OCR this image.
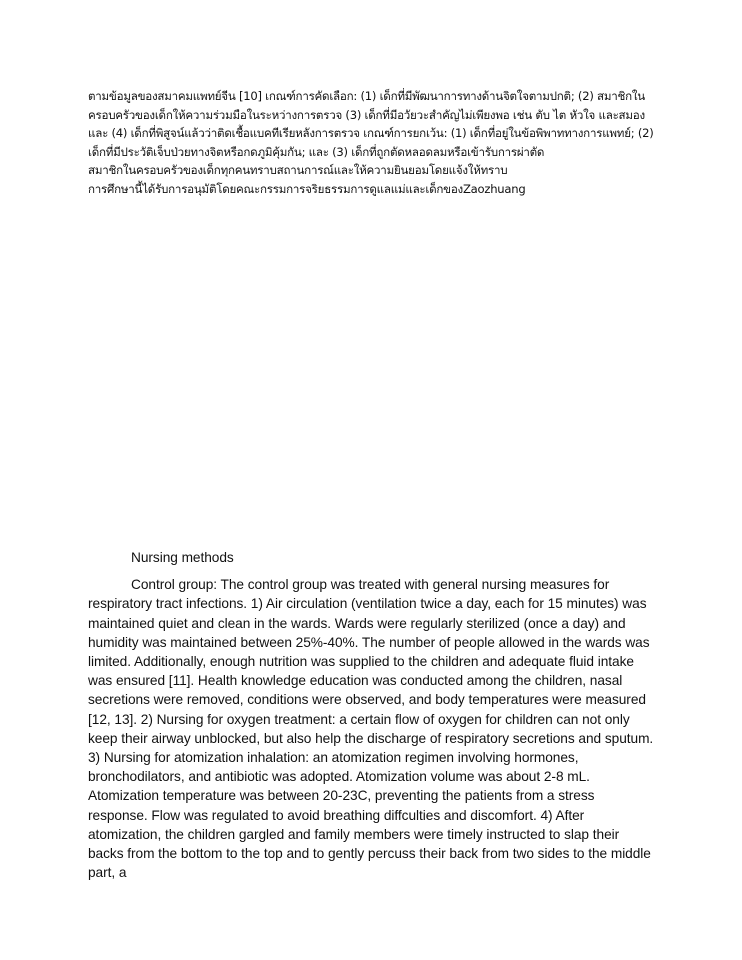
ตามข้อมูลของสมาคมแพทย์จีน [10] เกณฑ์การคัดเลือก: (1) เด็กที่มีพัฒนาการทางด้านจิตใจตามปกติ; (2) สมาชิกในครอบครัวของเด็กให้ความร่วมมือในระหว่างการตรวจ (3) เด็กที่มีอวัยวะสำคัญไม่เพียงพอ เช่น ตับ ไต หัวใจ และสมอง และ (4) เด็กที่พิสูจน์แล้วว่าติดเชื้อแบคทีเรียหลังการตรวจ เกณฑ์การยกเว้น: (1) เด็กที่อยู่ในข้อพิพาททางการแพทย์; (2) เด็กที่มีประวัติเจ็บป่วยทางจิตหรือกดภูมิคุ้มกัน; และ (3) เด็กที่ถูกตัดหลอดลมหรือเข้ารับการผ่าตัด

สมาชิกในครอบครัวของเด็กทุกคนทราบสถานการณ์และให้ความยินยอมโดยแจ้งให้ทราบ

การศึกษานี้ได้รับการอนุมัติโดยคณะกรรมการจริยธรรมการดูแลแม่และเด็กของZaozhuang

Nursing methods

Control group: The control group was treated with general nursing measures for respiratory tract infections. 1) Air circulation (ventilation twice a day, each for 15 minutes) was maintained quiet and clean in the wards. Wards were regularly sterilized (once a day) and humidity was maintained between 25%-40%. The number of people allowed in the wards was limited. Additionally, enough nutrition was supplied to the children and adequate fluid intake was ensured [11]. Health knowledge education was conducted among the children, nasal secretions were removed, conditions were observed, and body temperatures were measured [12, 13]. 2) Nursing for oxygen treatment: a certain flow of oxygen for children can not only keep their airway unblocked, but also help the discharge of respiratory secretions and sputum. 3) Nursing for atomization inhalation: an atomization regimen involving hormones, bronchodilators, and antibiotic was adopted. Atomization volume was about 2-8 mL. Atomization temperature was between 20-23C, preventing the patients from a stress response. Flow was regulated to avoid breathing diffculties and discomfort. 4) After atomization, the children gargled and family members were timely instructed to slap their backs from the bottom to the top and to gently percuss their back from two sides to the middle part, a
